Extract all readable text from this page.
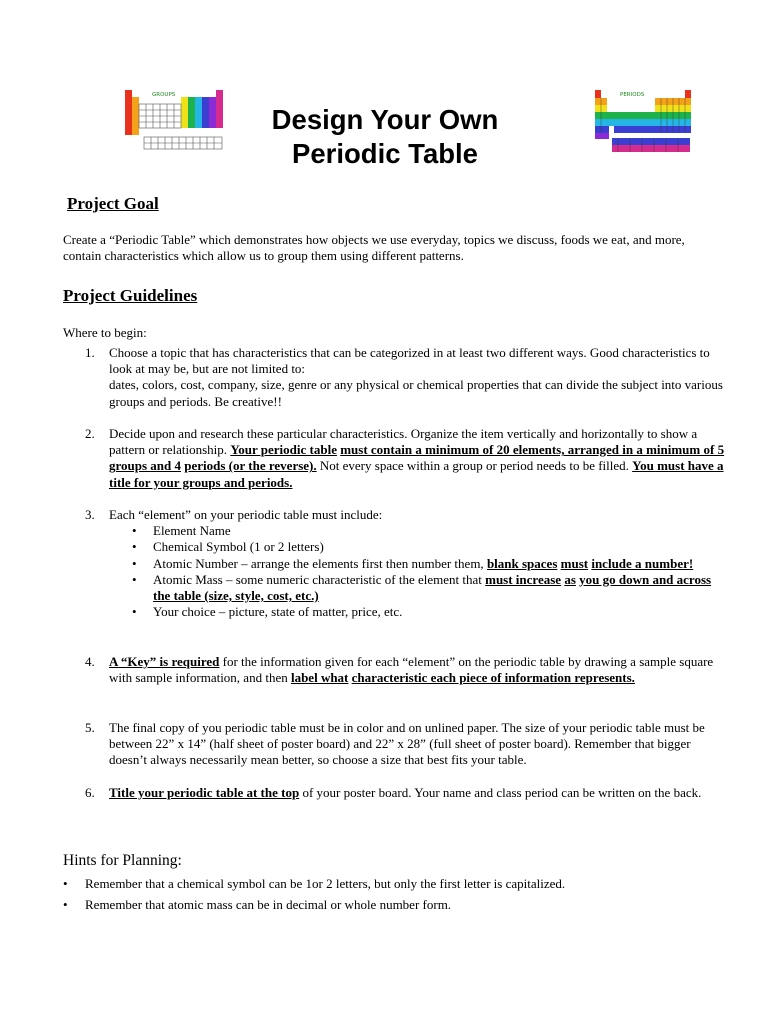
GROUPS	PERIODS
Design Your Own
Periodic Table
Project Goal
Create a “Periodic Table” which demonstrates how objects we use everyday, topics we discuss, foods we eat, and more, contain characteristics which allow us to group them using different patterns.
Project Guidelines
Where to begin:
1. Choose a topic that has characteristics that can be categorized in at least two different ways. Good characteristics to look at may be, but are not limited to:
dates, colors, cost, company, size, genre or any physical or chemical properties that can divide the subject into various groups and periods. Be creative!!
2. Decide upon and research these particular characteristics. Organize the item vertically and horizontally to show a pattern or relationship. Your periodic table must contain a minimum of 20 elements, arranged in a minimum of 5 groups and 4 periods (or the reverse). Not every space within a group or period needs to be filled. You must have a title for your groups and periods.
3. Each “element” on your periodic table must include:
• Element Name
• Chemical Symbol (1 or 2 letters)
• Atomic Number – arrange the elements first then number them, blank spaces must include a number!
• Atomic Mass – some numeric characteristic of the element that must increase as you go down and across the table (size, style, cost, etc.)
• Your choice – picture, state of matter, price, etc.
4. A “Key” is required for the information given for each “element” on the periodic table by drawing a sample square with sample information, and then label what characteristic each piece of information represents.
5. The final copy of you periodic table must be in color and on unlined paper. The size of your periodic table must be between 22” x 14” (half sheet of poster board) and 22” x 28” (full sheet of poster board). Remember that bigger doesn’t always necessarily mean better, so choose a size that best fits your table.
6. Title your periodic table at the top of your poster board. Your name and class period can be written on the back.
Hints for Planning:
• Remember that a chemical symbol can be 1or 2 letters, but only the first letter is capitalized.
• Remember that atomic mass can be in decimal or whole number form.
